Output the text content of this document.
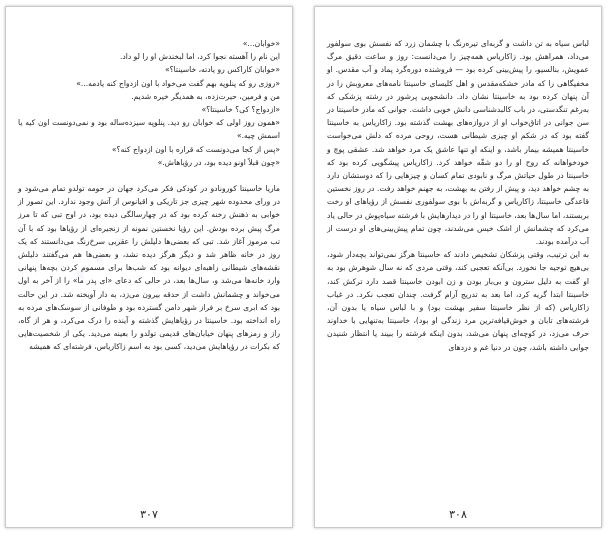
✦ ✦ ✦

«خوابان...»

این نام را آهسته نجوا کرد، اما لبخندش او را لو داد.

«خوابان کاراکس رو یادته، خاسینتا؟»

«روزی رو که پنلوپه بهم گفت می‌خواد با اون ازدواج کنه یادمه...»

من و فرمین، حیرت‌زده، به همدیگر خیره شدیم.

«ازدواج؟ کی؟ خاسینتا؟»

«همون روز اولی که خوابان رو دید. پنلوپه سیزده‌ساله بود و نمی‌دونست اون کیه یا اسمش چیه.»

«پس از کجا می‌دونست که قراره با اون ازدواج کنه؟»

«چون قبلاً اونو دیده بود، در رؤیاهاش.»

ماریا خاسینتا کورونادو در کودکی فکر می‌کرد جهان در حومه تولدو تمام می‌شود و در ورای محدوده شهر چیزی جز تاریکی و اقیانوس از آتش وجود ندارد. این تصور از خوابی به ذهنش رخنه کرده بود که در چهارسالگی دیده بود، در اوج تبی که تا مرز مرگ پیش برده بودش. این رؤیا نخستین نمونه از زنجیره‌ای از رؤیاها بود که با آن تب مرموز آغاز شد. تبی که بعضی‌ها دلیلش را عقربی سرخ‌رنگ می‌دانستند که یک روز در خانه ظاهر شد و دیگر هرگز دیده نشد، و بعضی‌ها هم می‌گفتند دلیلش نقشه‌های شیطانی راهبه‌ای دیوانه بود که شب‌ها برای مسموم کردن بچه‌ها پنهانی وارد خانه‌ها می‌شد و، سال‌ها بعد، در حالی که دعای «ای پدر ما» را از آخر به اول می‌خواند و چشمانش داشت از حدقه بیرون می‌زد، به دار آویخته شد. در این حالت بود که ابری سرخ بر فراز شهر دامن گسترده بود و طوفانی از سوسک‌های مرده به راه انداخته بود. خاسینتا در رؤیاهایش گذشته و آینده را درک می‌کرد، و هر از گاه، راز و رمزهای پنهان خیابان‌های قدیمی تولدو را بعینه می‌دید. یکی از شخصیت‌هایی که بکرات در رؤیاهایش می‌دید، کسی بود به اسم زاکاریاس، فرشته‌ای که همیشه

۳۰۷

لباس سیاه به تن داشت و گربه‌ای تیره‌رنگ با چشمان زرد که نفسش بوی سولفور می‌داد، همراهش بود. زاکاریاس همه‌چیز را می‌دانست: روز و ساعت دقیق مرگ عمویش، بنالسیو، را پیش‌بینی کرده بود — فروشنده دوره‌گرد پماد و آب مقدس. او مخفیگاهی را که مادر خشکه‌مقدس و اهل کلیسای خاسینتا نامه‌های معروبش را در آن پنهان کرده بود به خاسینتا نشان داد. دانشجویی پرشور در رشته پزشکی که به‌رغم تنگدستی، در باب کالبدشناسی دانش خوبی داشت. جوانی که مادر خاسینتا در سن جوانی در اتاق‌خواب او از دروازه‌های بهشت گذشته بود. زاکاریاس به خاسینتا گفته بود که در شکم او چیزی شیطانی هست، روحی مرده که دلش می‌خواست خاسینتا همیشه بیمار باشد، و اینکه او تنها عاشق یک مرد خواهد شد. عشقی پوچ و خودخواهانه که روح او را دو شقّه خواهد کرد. زاکاریاس پیشگویی کرده بود که خاسینتا در طول حیاتش مرگ و نابودی تمام کسان و چیزهایی را که دوستشان دارد به چشم خواهد دید، و پیش از رفتن به بهشت، به جهنم خواهد رفت. در روز نخستین قاعدگی خاسینتا، زاکاریاس و گربه‌اش با بوی سولفوری نفسش از رؤیاهای او رخت بربستند، اما سال‌ها بعد، خاسینتا او را در دیدارهایش با فرشته سیاه‌پوش در حالی یاد می‌کرد که چشمانش از اشک خیس می‌شدند، چون تمام پیش‌بینی‌های او درست از آب درآمده بودند.

به این ترتیب، وقتی پزشکان تشخیص دادند که خاسینتا هرگز نمی‌تواند بچه‌دار شود، بی‌هیچ توجیه جا نخورد. بی‌آنکه تعجبی کند، وقتی مردی که نه سال شوهرش بود به او گفت به دلیل سترون و بی‌بار بودن و زن ابودن خاسینتا قصد دارد ترکش کند، خاسینتا ابتدا گریه کرد، اما بعد به تدریج آرام گرفت. چندان تعجب نکرد. در غیاب زاکاریاس (که از نظر خاسینتا سفیر بهشت بود) و با لباس سیاه یا بدون آن، فرشته‌های تابان و خوش‌قیافه‌ترین مرد زندگی او بود)، خاسینتا به‌تنهایی با خداوند حرف می‌زد، در کوچه‌ای پنهان می‌شد، بدون اینکه فرشته را ببیند یا انتظار شنیدن جوابی داشته باشد، چون در دنیا غم و دردهای

۳۰۸
